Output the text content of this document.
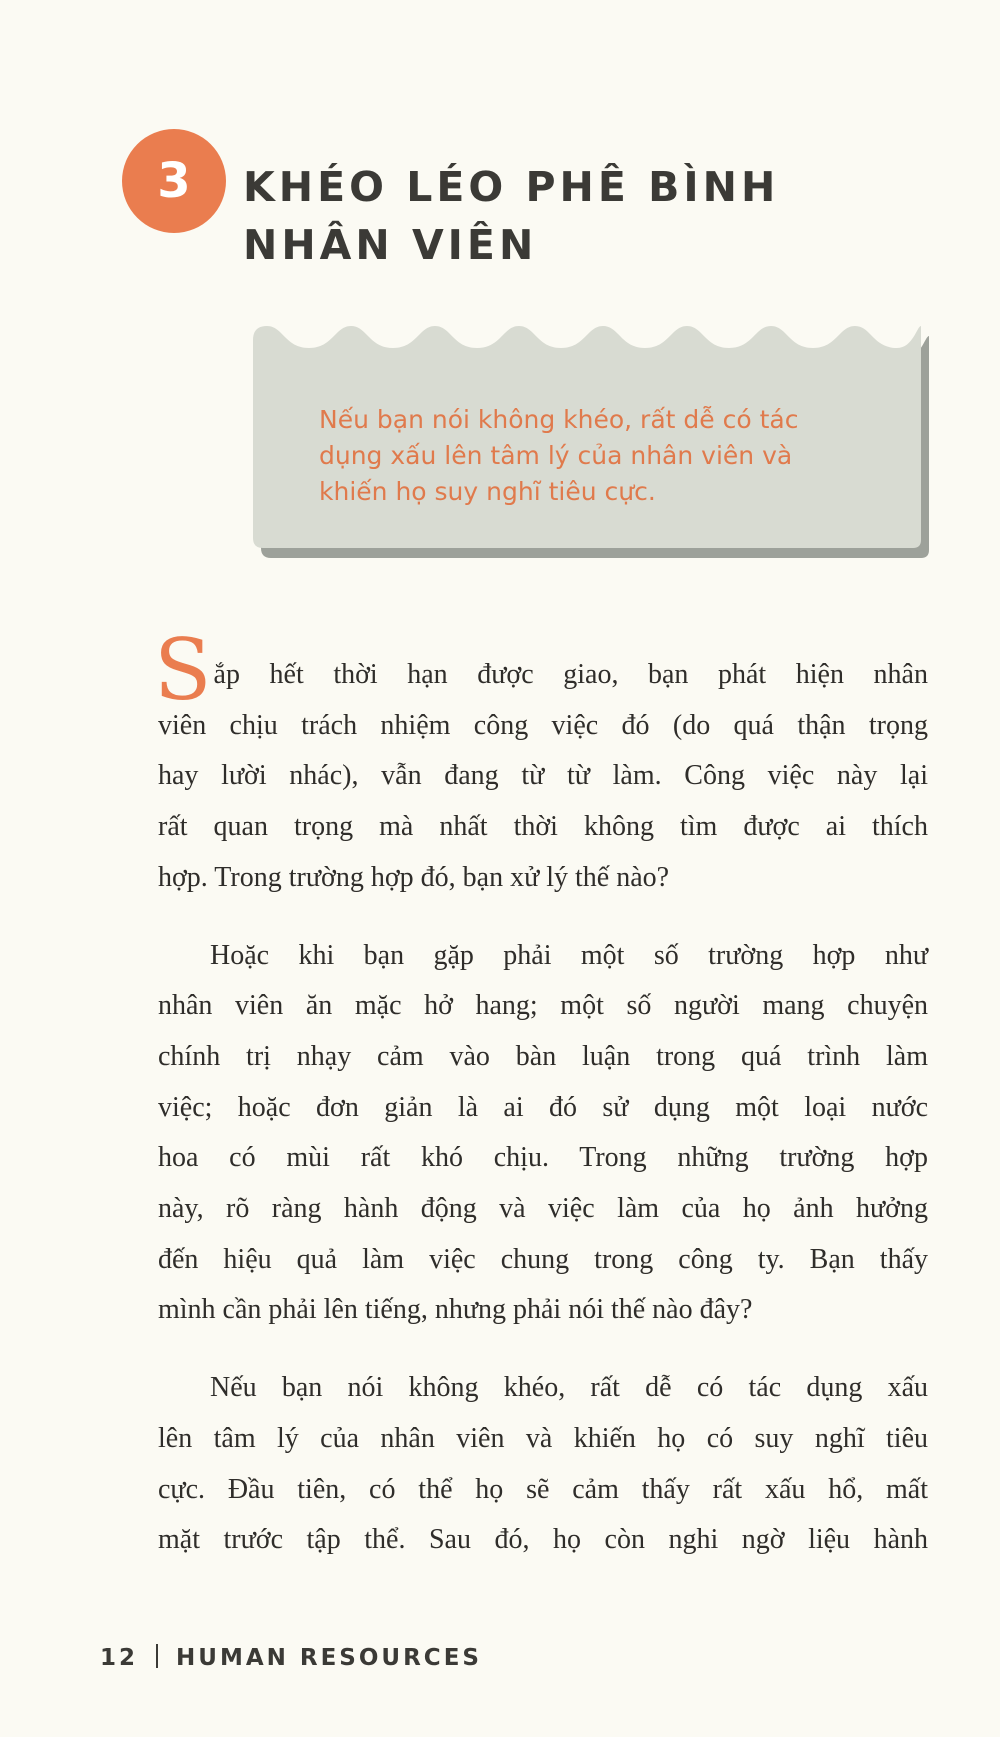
3	KHÉO LÉO PHÊ BÌNH
NHÂN VIÊN
Nếu bạn nói không khéo, rất dễ có tác
dụng xấu lên tâm lý của nhân viên và
khiến họ suy nghĩ tiêu cực.

S ắp hết thời hạn được giao, bạn phát hiện nhân
viên chịu trách nhiệm công việc đó (do quá thận trọng
hay lười nhác), vẫn đang từ từ làm. Công việc này lại
rất quan trọng mà nhất thời không tìm được ai thích
hợp. Trong trường hợp đó, bạn xử lý thế nào?

Hoặc khi bạn gặp phải một số trường hợp như
nhân viên ăn mặc hở hang; một số người mang chuyện
chính trị nhạy cảm vào bàn luận trong quá trình làm
việc; hoặc đơn giản là ai đó sử dụng một loại nước
hoa có mùi rất khó chịu. Trong những trường hợp
này, rõ ràng hành động và việc làm của họ ảnh hưởng
đến hiệu quả làm việc chung trong công ty. Bạn thấy
mình cần phải lên tiếng, nhưng phải nói thế nào đây?

Nếu bạn nói không khéo, rất dễ có tác dụng xấu
lên tâm lý của nhân viên và khiến họ có suy nghĩ tiêu
cực. Đầu tiên, có thể họ sẽ cảm thấy rất xấu hổ, mất
mặt trước tập thể. Sau đó, họ còn nghi ngờ liệu hành

12 HUMAN RESOURCES
